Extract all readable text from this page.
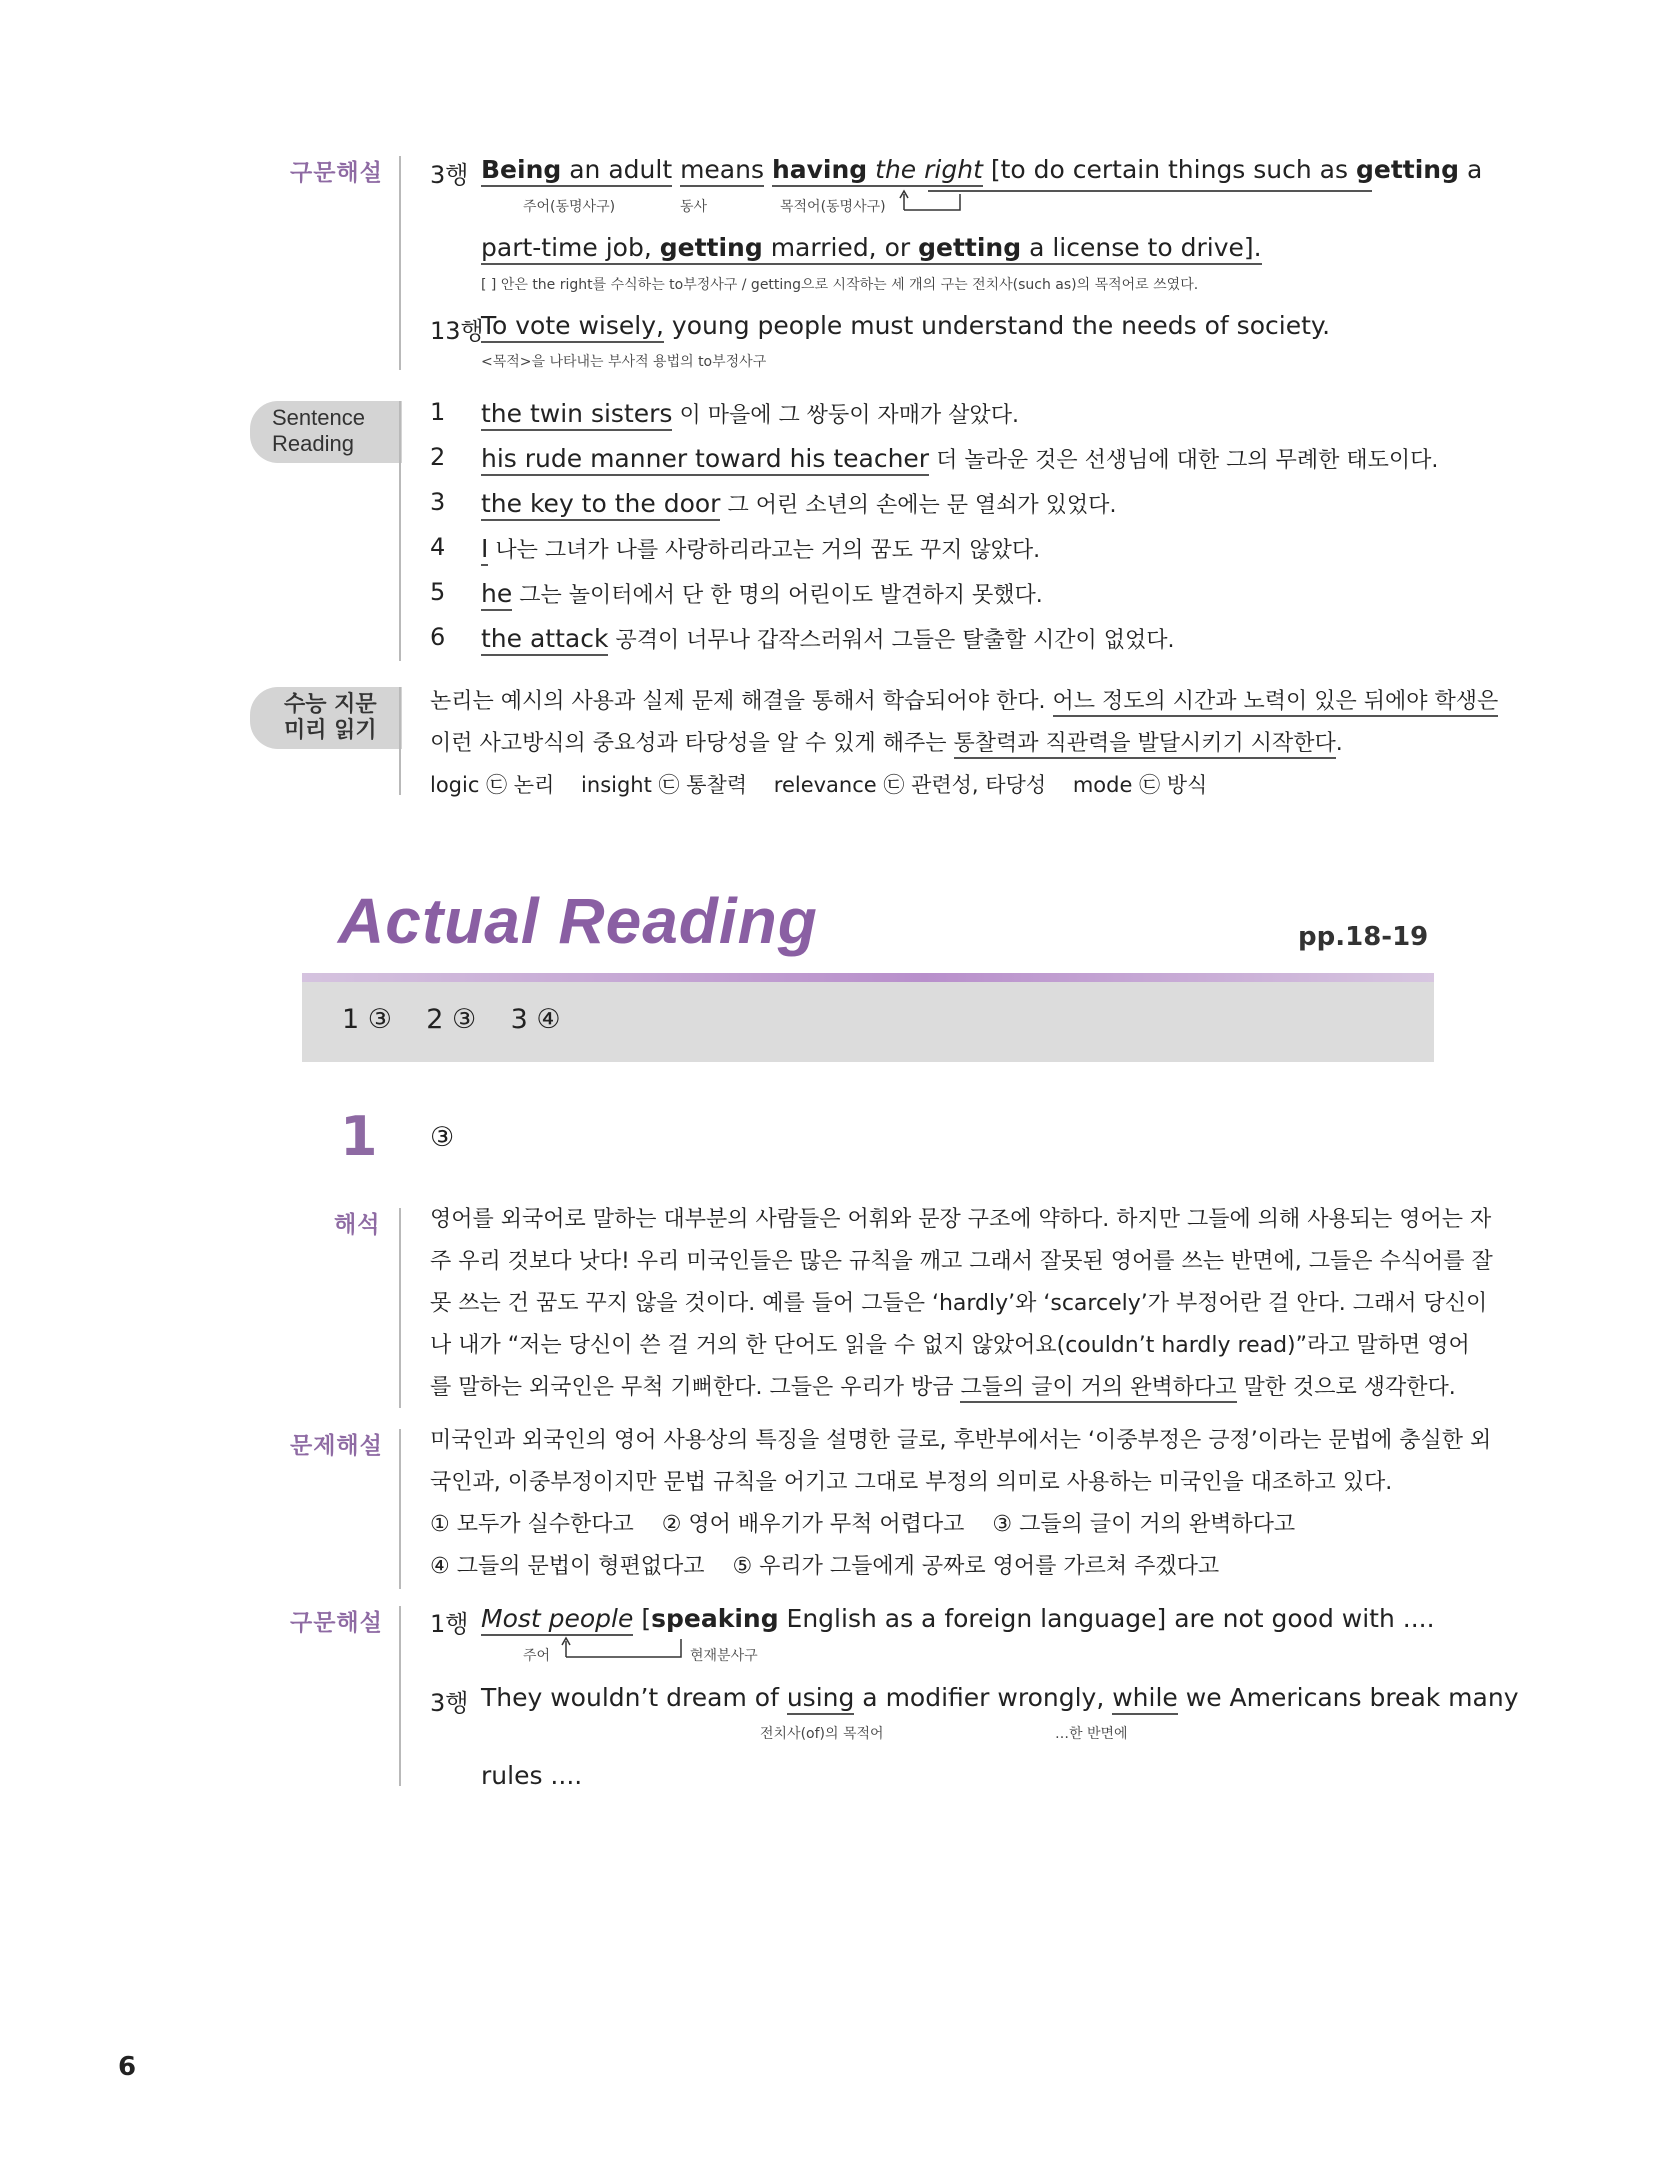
구문해설 3행 Being an adult means having the right [to do certain things such as getting a
주어(동명사구)	동사	목적어(동명사구)
part-time job, getting married, or getting a license to drive].
[ ] 안은 the right를 수식하는 to부정사구 / getting으로 시작하는 세 개의 구는 전치사(such as)의 목적어로 쓰였다.
13행
To vote wisely, young people must understand the needs of society.
<목적>을 나타내는 부사적 용법의 to부정사구
Sentence
Reading
1 the twin sisters 이 마을에 그 쌍둥이 자매가 살았다.
2 his rude manner toward his teacher 더 놀라운 것은 선생님에 대한 그의 무례한 태도이다.
3 the key to the door 그 어린 소년의 손에는 문 열쇠가 있었다.
4 I 나는 그녀가 나를 사랑하리라고는 거의 꿈도 꾸지 않았다.
5 he 그는 놀이터에서 단 한 명의 어린이도 발견하지 못했다.
6 the attack 공격이 너무나 갑작스러워서 그들은 탈출할 시간이 없었다.
수능 지문
미리 읽기
논리는 예시의 사용과 실제 문제 해결을 통해서 학습되어야 한다. 어느 정도의 시간과 노력이 있은 뒤에야 학생은
이런 사고방식의 중요성과 타당성을 알 수 있게 해주는 통찰력과 직관력을 발달시키기 시작한다.
logic ㉢ 논리 insight ㉢ 통찰력 relevance ㉢ 관련성, 타당성 mode ㉢ 방식
Actual Reading	pp.18-19
1 ③    2 ③    3 ④
1 ③
해석 영어를 외국어로 말하는 대부분의 사람들은 어휘와 문장 구조에 약하다. 하지만 그들에 의해 사용되는 영어는 자
주 우리 것보다 낫다! 우리 미국인들은 많은 규칙을 깨고 그래서 잘못된 영어를 쓰는 반면에, 그들은 수식어를 잘
못 쓰는 건 꿈도 꾸지 않을 것이다. 예를 들어 그들은 ‘hardly’와 ‘scarcely’가 부정어란 걸 안다. 그래서 당신이
나 내가 “저는 당신이 쓴 걸 거의 한 단어도 읽을 수 없지 않았어요(couldn’t hardly read)”라고 말하면 영어
를 말하는 외국인은 무척 기뻐한다. 그들은 우리가 방금 그들의 글이 거의 완벽하다고 말한 것으로 생각한다.
문제해설 미국인과 외국인의 영어 사용상의 특징을 설명한 글로, 후반부에서는 ‘이중부정은 긍정’이라는 문법에 충실한 외
국인과, 이중부정이지만 문법 규칙을 어기고 그대로 부정의 의미로 사용하는 미국인을 대조하고 있다.
① 모두가 실수한다고    ② 영어 배우기가 무척 어렵다고    ③ 그들의 글이 거의 완벽하다고
④ 그들의 문법이 형편없다고    ⑤ 우리가 그들에게 공짜로 영어를 가르쳐 주겠다고
구문해설 1행 Most people [speaking English as a foreign language] are not good with ....
주어	현재분사구
3행 They wouldn’t dream of using a modifier wrongly, while we Americans break many
전치사(of)의 목적어	…한 반면에
rules ....
6
